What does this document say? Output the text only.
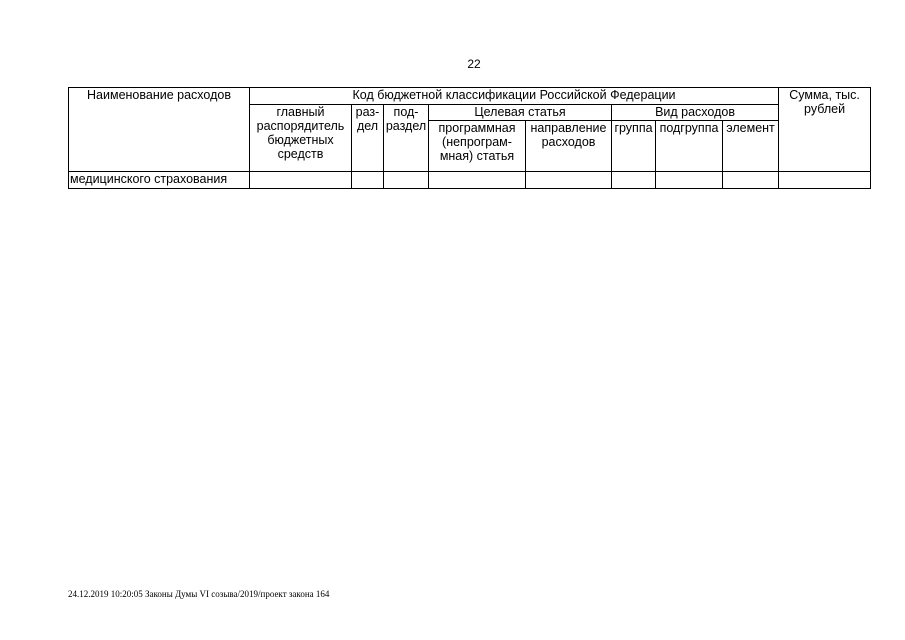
22
Наименование расходов	Код бюджетной классификации Российской Федерации								Сумма, тыс. рублей
	главный распорядитель бюджетных средств	раз- дел	под- раздел	Целевая статья		Вид расходов			
				программная (непрограм- мная) статья	направление расходов	группа	подгруппа	элемент	
медицинского страхования									
24.12.2019 10:20:05 Законы Думы VI созыва/2019/проект закона 164
